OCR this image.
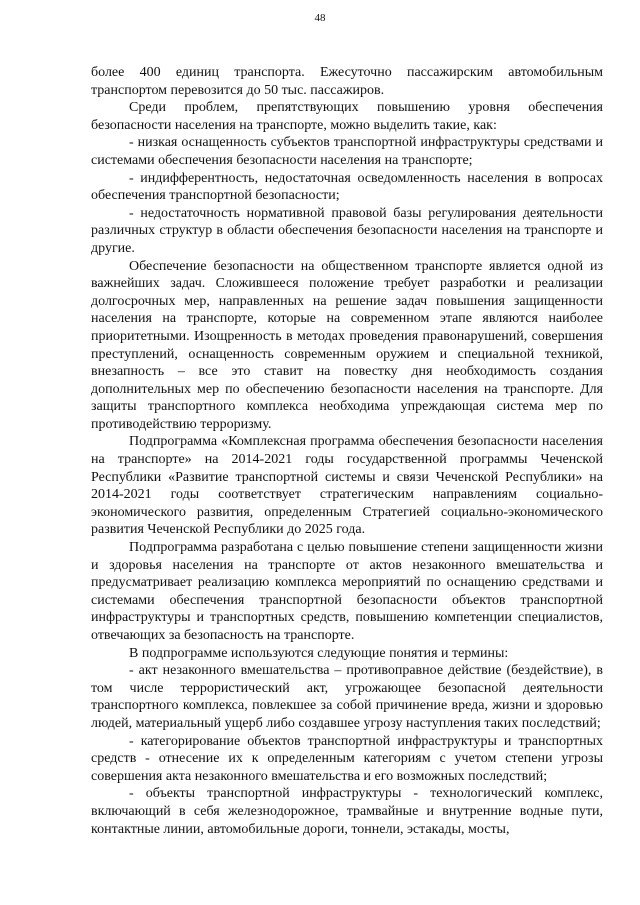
48

более 400 единиц транспорта. Ежесуточно пассажирским автомобильным транспортом перевозится до 50 тыс. пассажиров.

Среди проблем, препятствующих повышению уровня обеспечения безопасности населения на транспорте, можно выделить такие, как:

- низкая оснащенность субъектов транспортной инфраструктуры средствами и системами обеспечения безопасности населения на транспорте;

- индифферентность, недостаточная осведомленность населения в вопросах обеспечения транспортной безопасности;

- недостаточность нормативной правовой базы регулирования деятельности различных структур в области обеспечения безопасности населения на транспорте и другие.

Обеспечение безопасности на общественном транспорте является одной из важнейших задач. Сложившееся положение требует разработки и реализации долгосрочных мер, направленных на решение задач повышения защищенности населения на транспорте, которые на современном этапе являются наиболее приоритетными. Изощренность в методах проведения правонарушений, совершения преступлений, оснащенность современным оружием и специальной техникой, внезапность – все это ставит на повестку дня необходимость создания дополнительных мер по обеспечению безопасности населения на транспорте. Для защиты транспортного комплекса необходима упреждающая система мер по противодействию терроризму.

Подпрограмма «Комплексная программа обеспечения безопасности населения на транспорте» на 2014-2021 годы государственной программы Чеченской Республики «Развитие транспортной системы и связи Чеченской Республики» на 2014-2021 годы соответствует стратегическим направлениям социально-экономического развития, определенным Стратегией социально-экономического развития Чеченской Республики до 2025 года.

Подпрограмма разработана с целью повышение степени защищенности жизни и здоровья населения на транспорте от актов незаконного вмешательства и предусматривает реализацию комплекса мероприятий по оснащению средствами и системами обеспечения транспортной безопасности объектов транспортной инфраструктуры и транспортных средств, повышению компетенции специалистов, отвечающих за безопасность на транспорте.

В подпрограмме используются следующие понятия и термины:

- акт незаконного вмешательства – противоправное действие (бездействие), в том числе террористический акт, угрожающее безопасной деятельности транспортного комплекса, повлекшее за собой причинение вреда, жизни и здоровью людей, материальный ущерб либо создавшее угрозу наступления таких последствий;

- категорирование объектов транспортной инфраструктуры и транспортных средств - отнесение их к определенным категориям с учетом степени угрозы совершения акта незаконного вмешательства и его возможных последствий;

- объекты транспортной инфраструктуры - технологический комплекс, включающий в себя железнодорожное, трамвайные и внутренние водные пути, контактные линии, автомобильные дороги, тоннели, эстакады, мосты,
